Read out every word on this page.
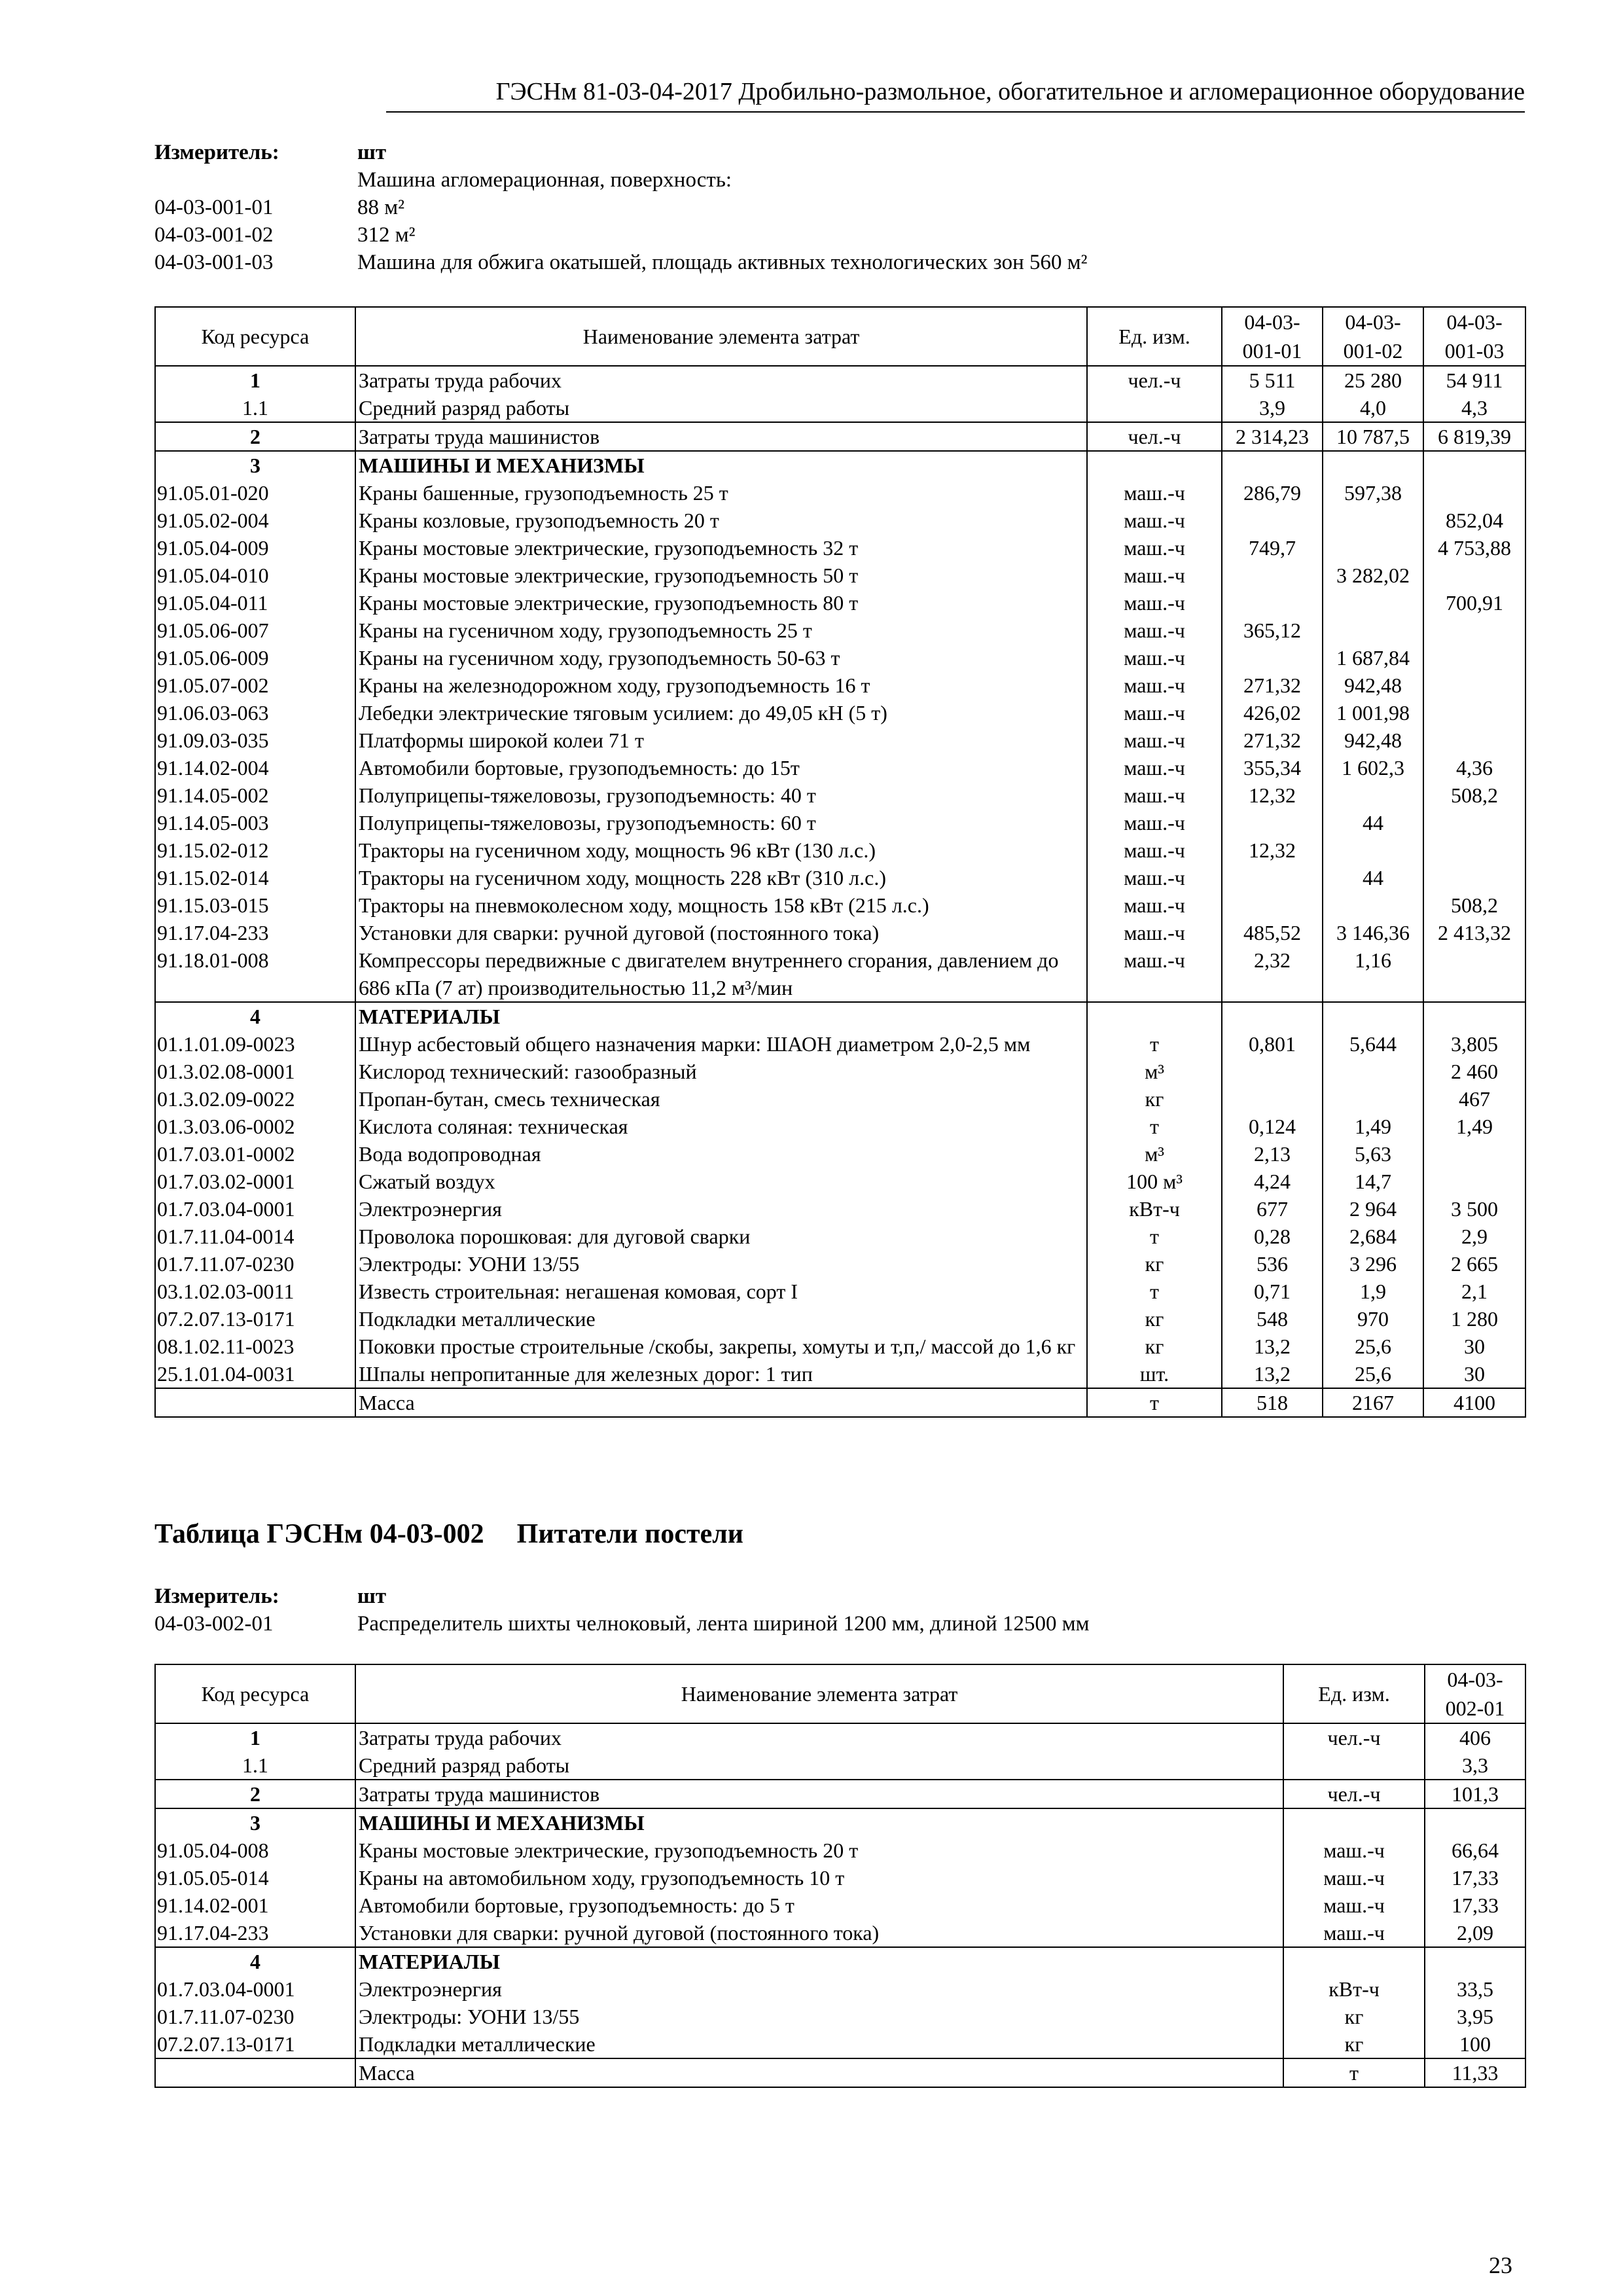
ГЭСНм 81-03-04-2017 Дробильно-размольное, обогатительное и агломерационное оборудование
Измеритель:	шт
Машина агломерационная, поверхность:
04-03-001-01	88 м²
04-03-001-02	312 м²
04-03-001-03	Машина для обжига окатышей, площадь активных технологических зон 560 м²
Код ресурса	Наименование элемента затрат	Ед. изм.	04-03-
001-01	04-03-
001-02	04-03-
001-03
1	Затраты труда рабочих	чел.-ч	5 511	25 280	54 911
1.1	Средний разряд работы		3,9	4,0	4,3
2	Затраты труда машинистов	чел.-ч	2 314,23	10 787,5	6 819,39
3	МАШИНЫ И МЕХАНИЗМЫ				
91.05.01-020	Краны башенные, грузоподъемность 25 т	маш.-ч	286,79	597,38	
91.05.02-004	Краны козловые, грузоподъемность 20 т	маш.-ч			852,04
91.05.04-009	Краны мостовые электрические, грузоподъемность 32 т	маш.-ч	749,7		4 753,88
91.05.04-010	Краны мостовые электрические, грузоподъемность 50 т	маш.-ч		3 282,02	
91.05.04-011	Краны мостовые электрические, грузоподъемность 80 т	маш.-ч			700,91
91.05.06-007	Краны на гусеничном ходу, грузоподъемность 25 т	маш.-ч	365,12		
91.05.06-009	Краны на гусеничном ходу, грузоподъемность 50-63 т	маш.-ч		1 687,84	
91.05.07-002	Краны на железнодорожном ходу, грузоподъемность 16 т	маш.-ч	271,32	942,48	
91.06.03-063	Лебедки электрические тяговым усилием: до 49,05 кН (5 т)	маш.-ч	426,02	1 001,98	
91.09.03-035	Платформы широкой колеи 71 т	маш.-ч	271,32	942,48	
91.14.02-004	Автомобили бортовые, грузоподъемность: до 15т	маш.-ч	355,34	1 602,3	4,36
91.14.05-002	Полуприцепы-тяжеловозы, грузоподъемность: 40 т	маш.-ч	12,32		508,2
91.14.05-003	Полуприцепы-тяжеловозы, грузоподъемность: 60 т	маш.-ч		44	
91.15.02-012	Тракторы на гусеничном ходу, мощность 96 кВт (130 л.с.)	маш.-ч	12,32		
91.15.02-014	Тракторы на гусеничном ходу, мощность 228 кВт (310 л.с.)	маш.-ч		44	
91.15.03-015	Тракторы на пневмоколесном ходу, мощность 158 кВт (215 л.с.)	маш.-ч			508,2
91.17.04-233	Установки для сварки: ручной дуговой (постоянного тока)	маш.-ч	485,52	3 146,36	2 413,32
91.18.01-008	Компрессоры передвижные с двигателем внутреннего сгорания, давлением до 686 кПа (7 ат) производительностью 11,2 м³/мин	маш.-ч	2,32	1,16	
4	МАТЕРИАЛЫ				
01.1.01.09-0023	Шнур асбестовый общего назначения марки: ШАОН диаметром 2,0-2,5 мм	т	0,801	5,644	3,805
01.3.02.08-0001	Кислород технический: газообразный	м³			2 460
01.3.02.09-0022	Пропан-бутан, смесь техническая	кг			467
01.3.03.06-0002	Кислота соляная: техническая	т	0,124	1,49	1,49
01.7.03.01-0002	Вода водопроводная	м³	2,13	5,63	
01.7.03.02-0001	Сжатый воздух	100 м³	4,24	14,7	
01.7.03.04-0001	Электроэнергия	кВт-ч	677	2 964	3 500
01.7.11.04-0014	Проволока порошковая: для дуговой сварки	т	0,28	2,684	2,9
01.7.11.07-0230	Электроды: УОНИ 13/55	кг	536	3 296	2 665
03.1.02.03-0011	Известь строительная: негашеная комовая, сорт I	т	0,71	1,9	2,1
07.2.07.13-0171	Подкладки металлические	кг	548	970	1 280
08.1.02.11-0023	Поковки простые строительные /скобы, закрепы, хомуты и т,п,/ массой до 1,6 кг	кг	13,2	25,6	30
25.1.01.04-0031	Шпалы непропитанные для железных дорог: 1 тип	шт.	13,2	25,6	30
	Масса	т	518	2167	4100
Таблица ГЭСНм 04-03-002 Питатели постели
Измеритель:	шт
04-03-002-01	Распределитель шихты челноковый, лента шириной 1200 мм, длиной 12500 мм
Код ресурса	Наименование элемента затрат	Ед. изм.	04-03-
002-01
1	Затраты труда рабочих	чел.-ч	406
1.1	Средний разряд работы		3,3
2	Затраты труда машинистов	чел.-ч	101,3
3	МАШИНЫ И МЕХАНИЗМЫ		
91.05.04-008	Краны мостовые электрические, грузоподъемность 20 т	маш.-ч	66,64
91.05.05-014	Краны на автомобильном ходу, грузоподъемность 10 т	маш.-ч	17,33
91.14.02-001	Автомобили бортовые, грузоподъемность: до 5 т	маш.-ч	17,33
91.17.04-233	Установки для сварки: ручной дуговой (постоянного тока)	маш.-ч	2,09
4	МАТЕРИАЛЫ		
01.7.03.04-0001	Электроэнергия	кВт-ч	33,5
01.7.11.07-0230	Электроды: УОНИ 13/55	кг	3,95
07.2.07.13-0171	Подкладки металлические	кг	100
	Масса	т	11,33
23
